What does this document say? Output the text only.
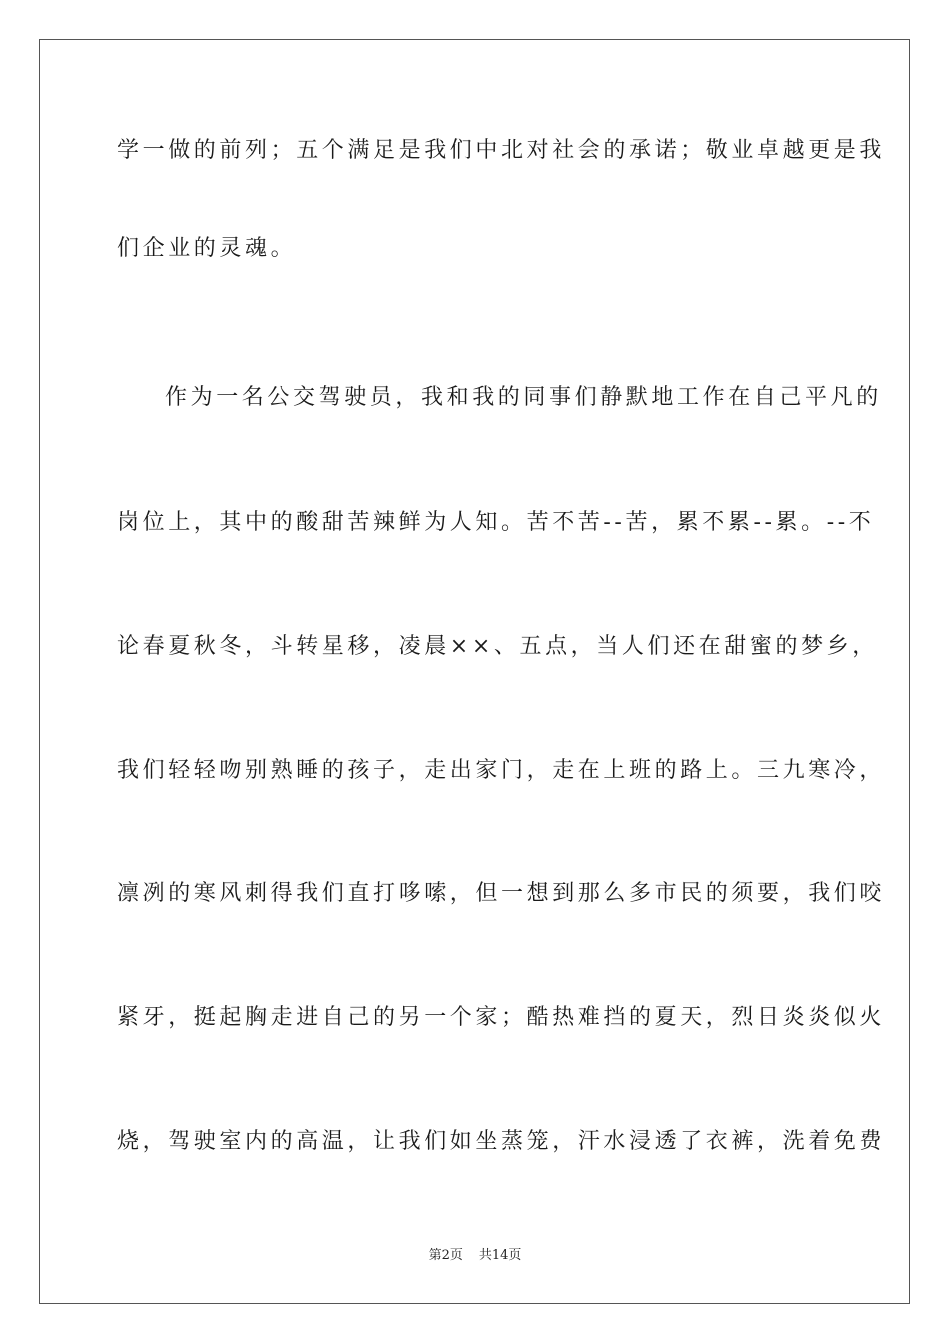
学一做的前列；五个满足是我们中北对社会的承诺；敬业卓越更是我
们企业的灵魂。
作为一名公交驾驶员，我和我的同事们静默地工作在自己平凡的
岗位上，其中的酸甜苦辣鲜为人知。苦不苦--苦，累不累--累。--不
论春夏秋冬，斗转星移，凌晨××、五点，当人们还在甜蜜的梦乡，
我们轻轻吻别熟睡的孩子，走出家门，走在上班的路上。三九寒冷，
凛冽的寒风刺得我们直打哆嗦，但一想到那么多市民的须要，我们咬
紧牙，挺起胸走进自己的另一个家；酷热难挡的夏天，烈日炎炎似火
烧，驾驶室内的高温，让我们如坐蒸笼，汗水浸透了衣裤，洗着免费
第2页 共14页
